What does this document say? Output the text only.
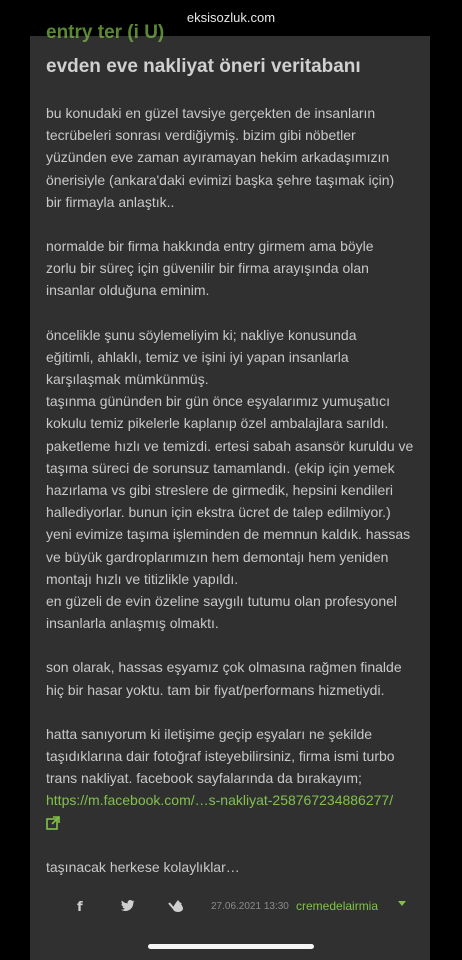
eksisozluk.com
entry ter (i U)
evden eve nakliyat öneri veritabanı

bu konudaki en güzel tavsiye gerçekten de insanların
tecrübeleri sonrası verdiğiymiş. bizim gibi nöbetler
yüzünden eve zaman ayıramayan hekim arkadaşımızın
önerisiyle (ankara'daki evimizi başka şehre taşımak için)
bir firmayla anlaştık..

normalde bir firma hakkında entry girmem ama böyle
zorlu bir süreç için güvenilir bir firma arayışında olan
insanlar olduğuna eminim.

öncelikle şunu söylemeliyim ki; nakliye konusunda
eğitimli, ahlaklı, temiz ve işini iyi yapan insanlarla
karşılaşmak mümkünmüş.
taşınma gününden bir gün önce eşyalarımız yumuşatıcı
kokulu temiz pikelerle kaplanıp özel ambalajlara sarıldı.
paketleme hızlı ve temizdi. ertesi sabah asansör kuruldu ve
taşıma süreci de sorunsuz tamamlandı. (ekip için yemek
hazırlama vs gibi streslere de girmedik, hepsini kendileri
hallediyorlar. bunun için ekstra ücret de talep edilmiyor.)
yeni evimize taşıma işleminden de memnun kaldık. hassas
ve büyük gardroplarımızın hem demontajı hem yeniden
montajı hızlı ve titizlikle yapıldı.
en güzeli de evin özeline saygılı tutumu olan profesyonel
insanlarla anlaşmış olmaktı.

son olarak, hassas eşyamız çok olmasına rağmen finalde
hiç bir hasar yoktu. tam bir fiyat/performans hizmetiydi.

hatta sanıyorum ki iletişime geçip eşyaları ne şekilde
taşıdıklarına dair fotoğraf isteyebilirsiniz, firma ismi turbo
trans nakliyat. facebook sayfalarında da bırakayım;

https://m.facebook.com/…s-nakliyat-258767234886277/

taşınacak herkese kolaylıklar…

f	27.06.2021 13:30 cremedelairmia
